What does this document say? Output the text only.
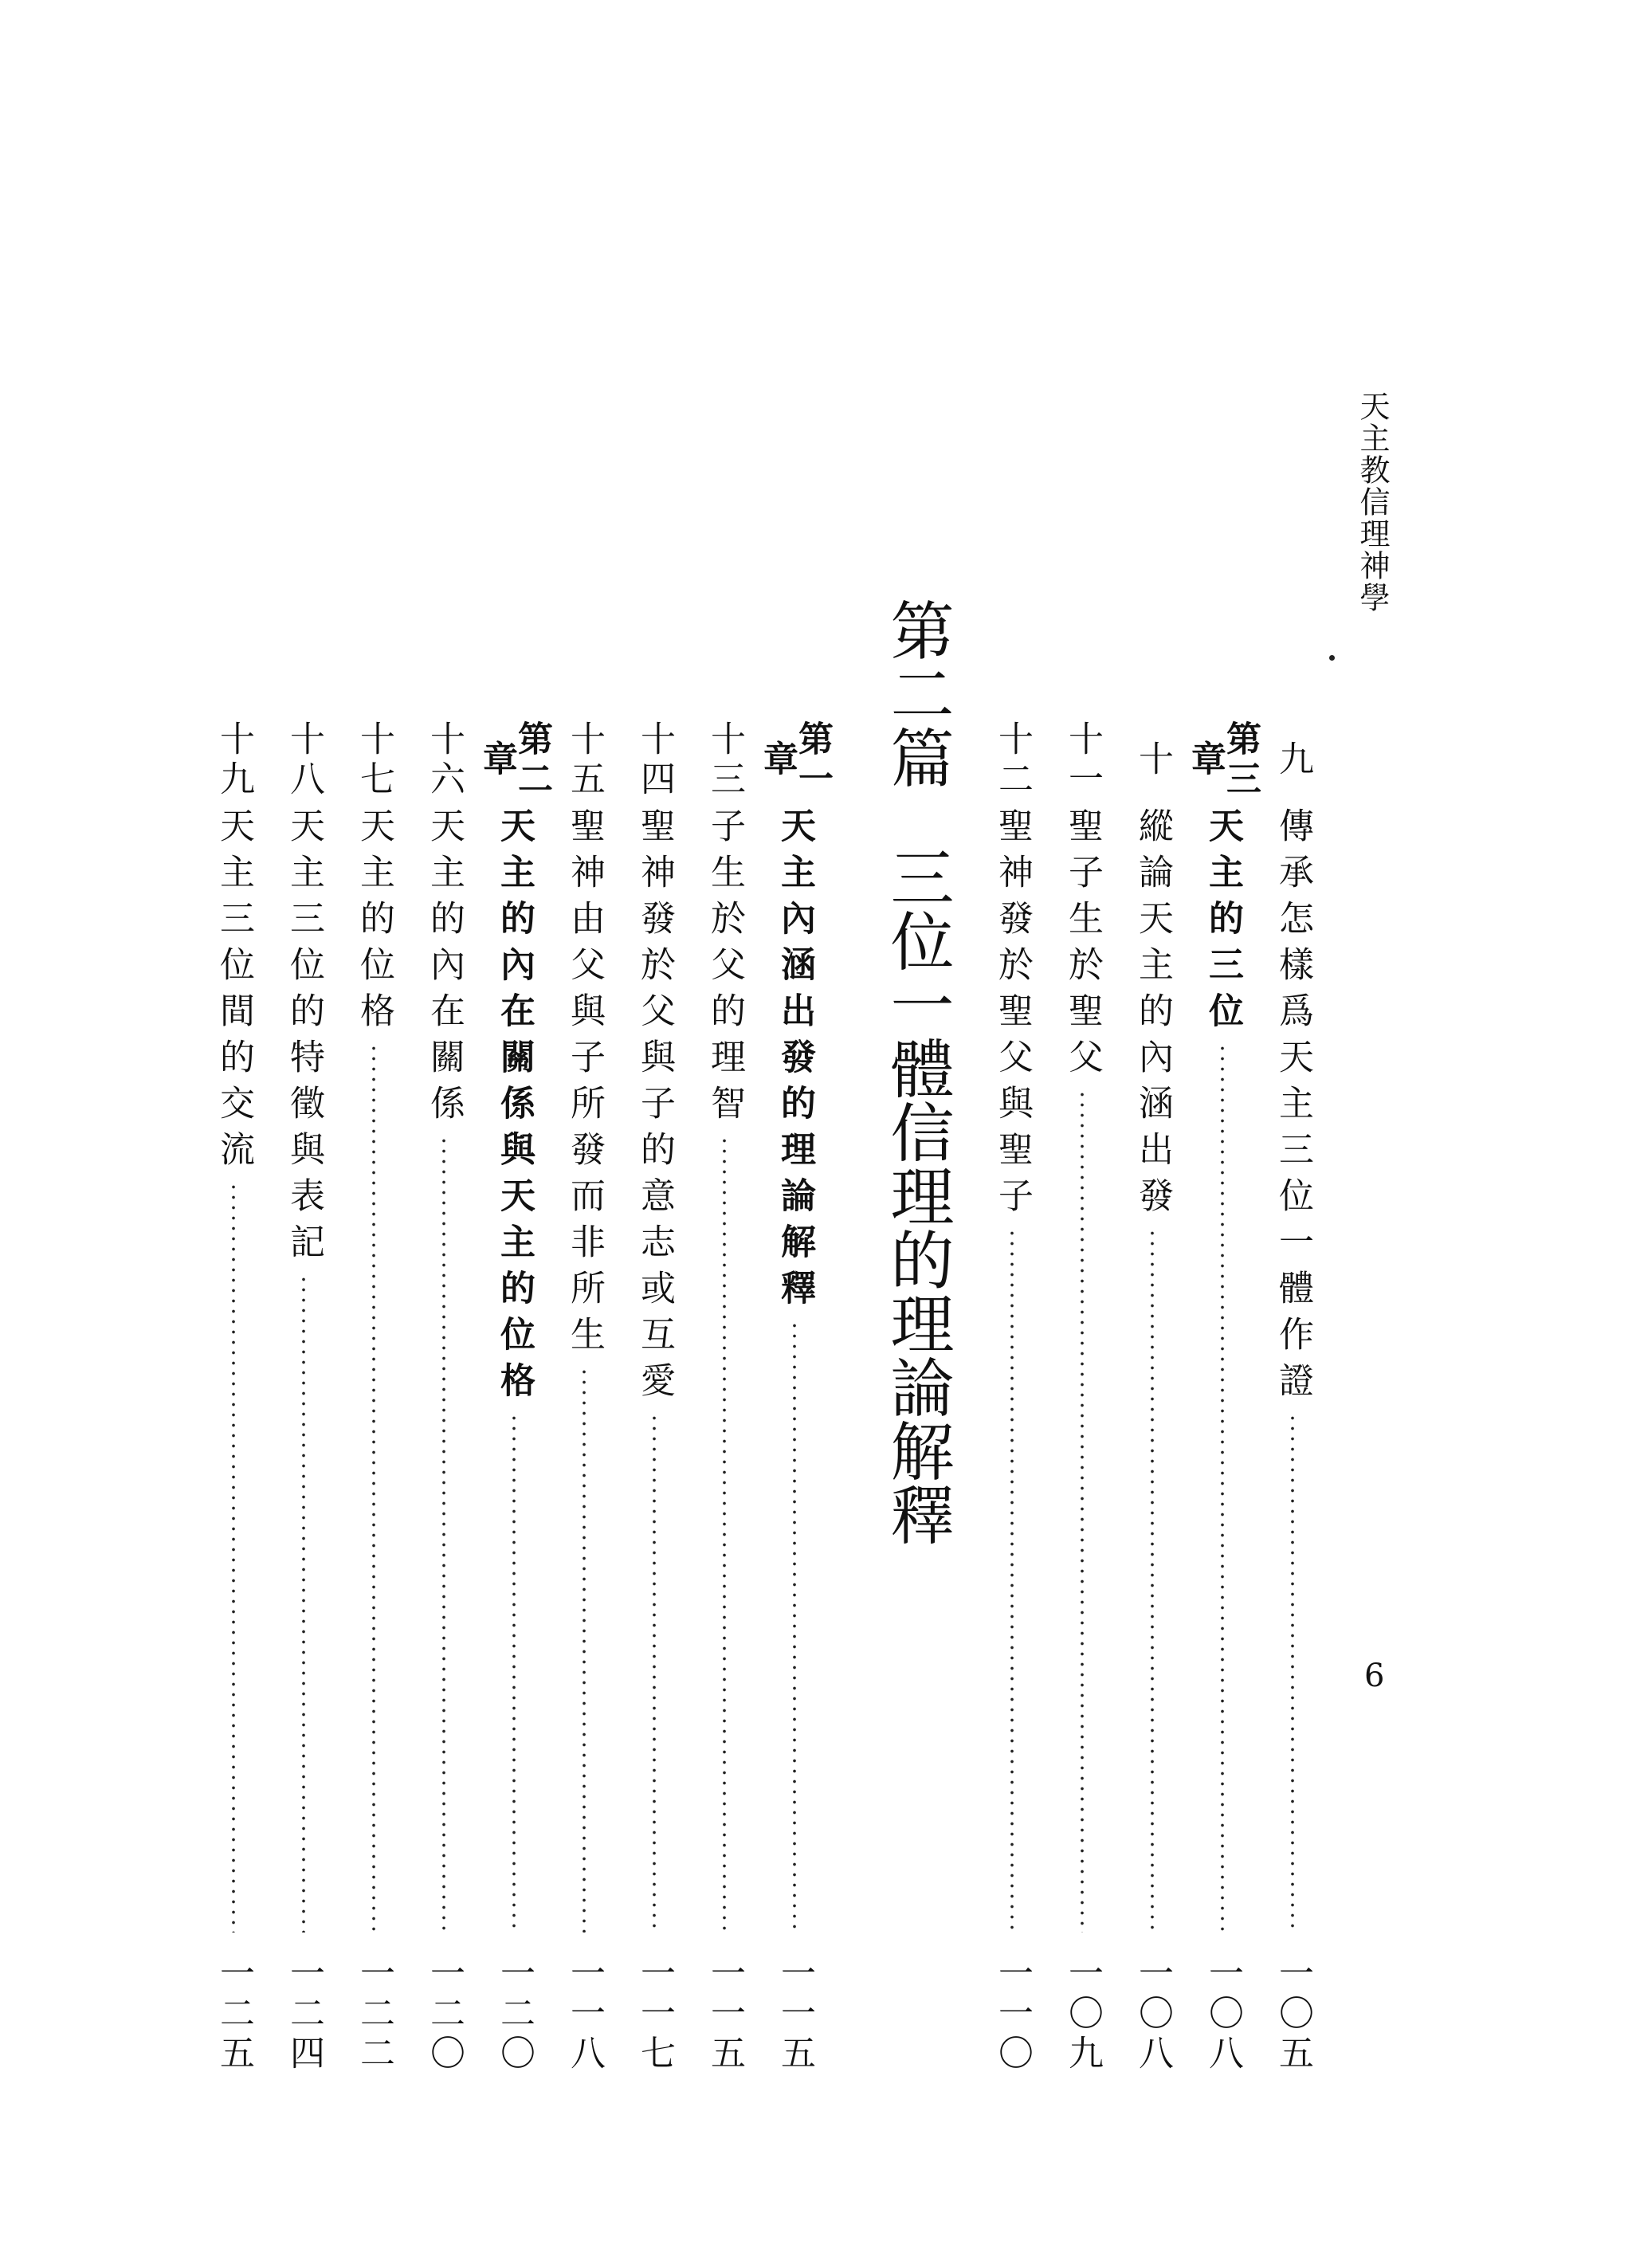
天主教信理神學
6
第二篇三位一體信理的理論解釋
九
傳承怎樣爲天主三位一體作證
一〇五
第三章
天主的三位
一〇八
十
縱論天主的內涵出發
一〇八
十一
聖子生於聖父
一〇九
十二
聖神發於聖父與聖子
一一〇
第一章
天主內涵出發的理論解釋
一一五
十三
子生於父的理智
一一五
十四
聖神發於父與子的意志或互愛
一一七
十五
聖神由父與子所發而非所生
一一八
第二章
天主的內在關係與天主的位格
一二〇
十六
天主的內在關係
一二〇
十七
天主的位格
一二二
十八
天主三位的特徵與表記
一二四
十九
天主三位間的交流
一二五
